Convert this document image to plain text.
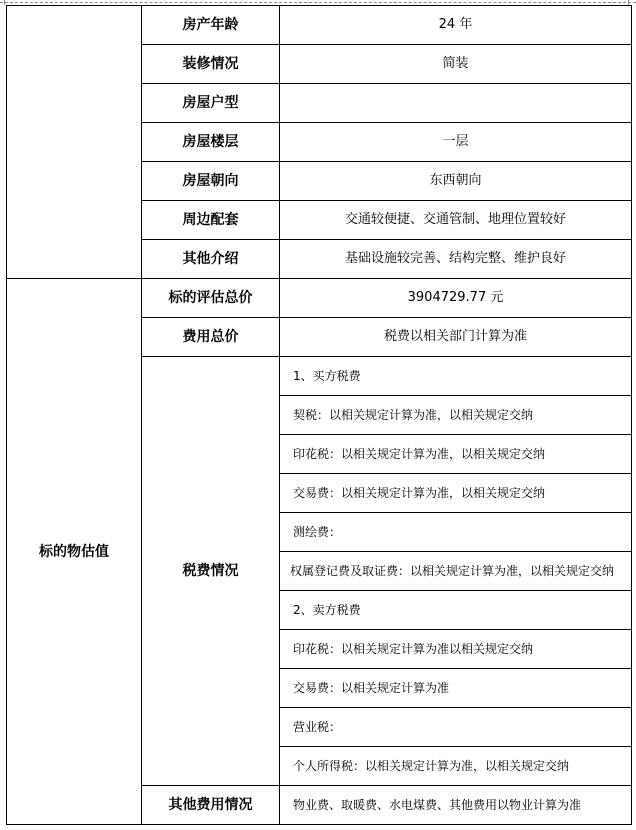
	房产年龄	24 年
	装修情况	简装
	房屋户型	
	房屋楼层	一层
	房屋朝向	东西朝向
	周边配套	交通较便捷、交通管制、地理位置较好
	其他介绍	基础设施较完善、结构完整、维护良好
标的物估值	标的评估总价	3904729.77 元
	费用总价	税费以相关部门计算为准
	税费情况	1、买方税费
		契税：以相关规定计算为准，以相关规定交纳
		印花税：以相关规定计算为准，以相关规定交纳
		交易费：以相关规定计算为准，以相关规定交纳
		测绘费：
		权属登记费及取证费：以相关规定计算为准，以相关规定交纳
		2、卖方税费
		印花税：以相关规定计算为准以相关规定交纳
		交易费：以相关规定计算为准
		营业税：
		个人所得税：以相关规定计算为准，以相关规定交纳
	其他费用情况	物业费、取暖费、水电煤费、其他费用以物业计算为准
